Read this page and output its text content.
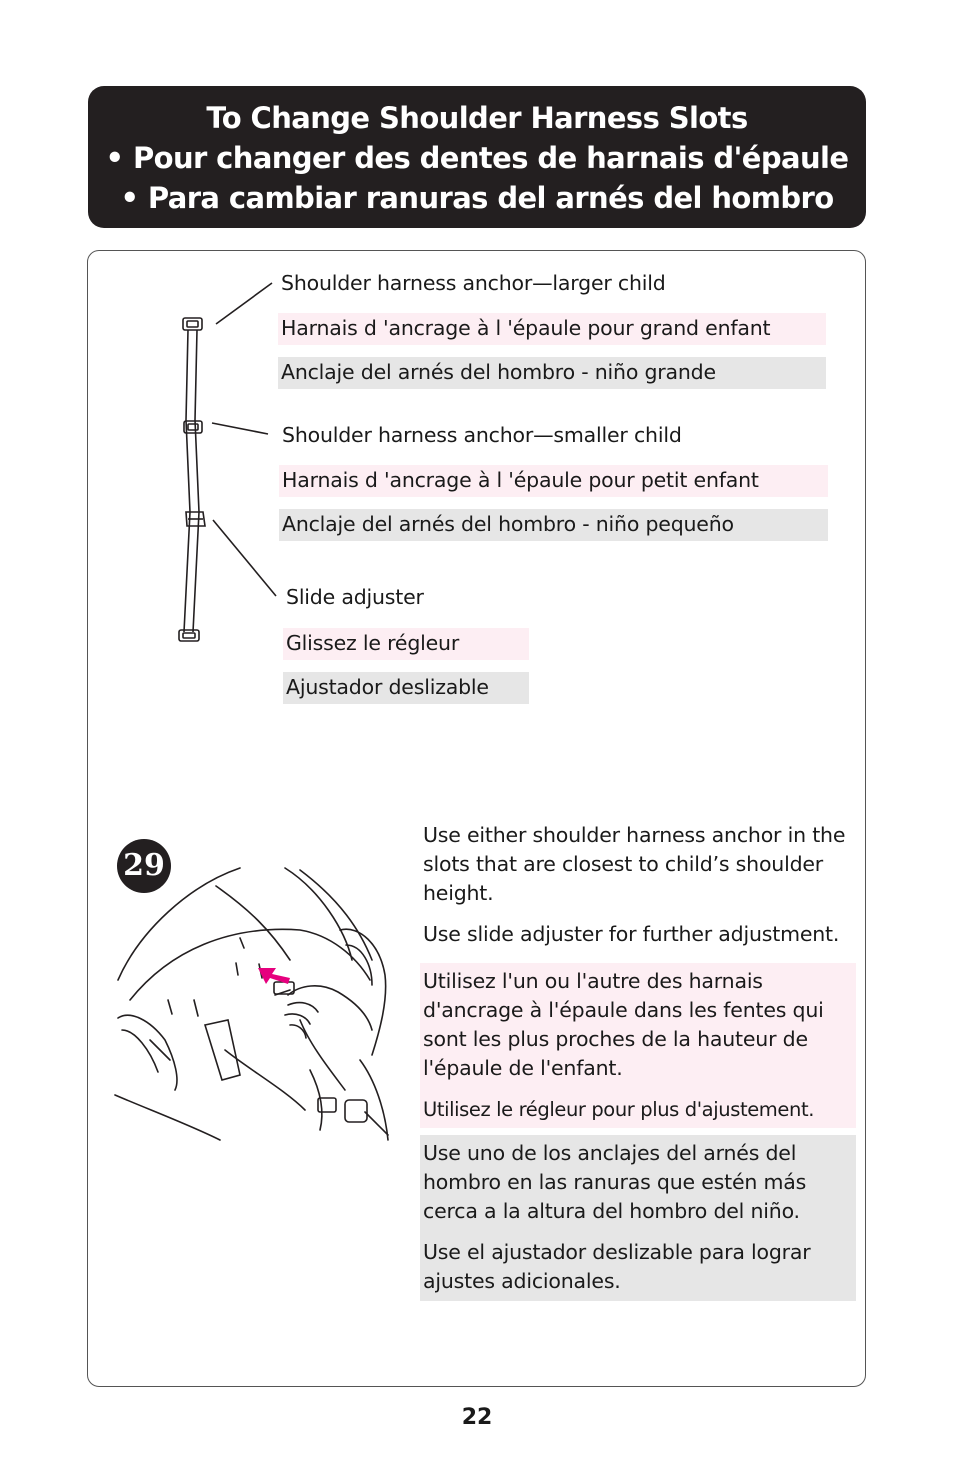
To Change Shoulder Harness Slots
• Pour changer des dentes de harnais d'épaule
• Para cambiar ranuras del arnés del hombro
Shoulder harness anchor—larger child
Harnais d 'ancrage à l 'épaule pour grand enfant
Anclaje del arnés del hombro - niño grande
Shoulder harness anchor—smaller child
Harnais d 'ancrage à l 'épaule pour petit enfant
Anclaje del arnés del hombro - niño pequeño
Slide adjuster
Glissez le régleur
Ajustador deslizable
29

Use either shoulder harness anchor in the slots that are closest to child’s shoulder height.

Use slide adjuster for further adjustment.

Utilisez l'un ou l'autre des harnais d'ancrage à l'épaule dans les fentes qui sont les plus proches de la hauteur de l'épaule de l'enfant.

Utilisez le régleur pour plus d'ajustement.

Use uno de los anclajes del arnés del hombro en las ranuras que estén más cerca a la altura del hombro del niño.

Use el ajustador deslizable para lograr ajustes adicionales.

22
